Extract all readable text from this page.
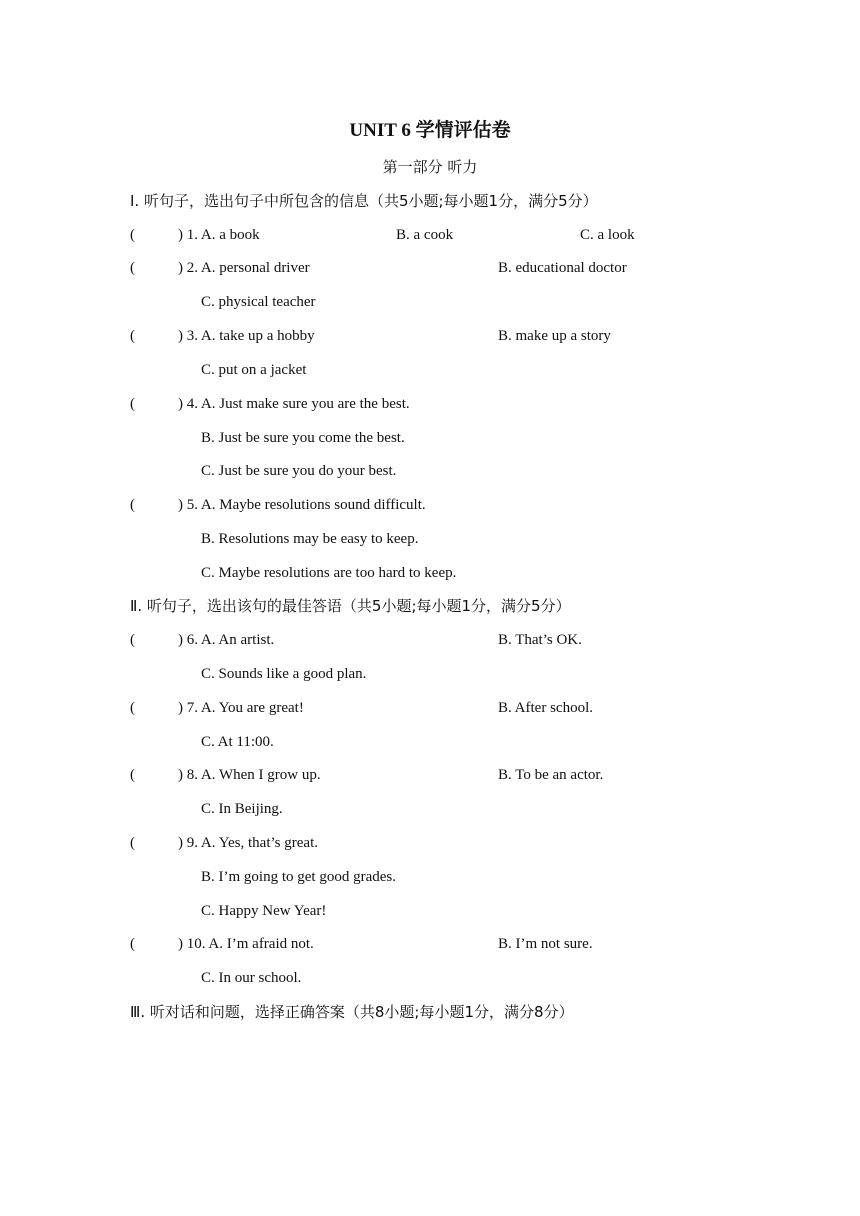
UNIT 6 学情评估卷
第一部分 听力
Ⅰ. 听句子，选出句子中所包含的信息（共5小题;每小题1分，满分5分）
(	) 1. A. a book	B. a cook	C. a look
(	) 2. A. personal driver	B. educational doctor
C. physical teacher
(	) 3. A. take up a hobby	B. make up a story
C. put on a jacket
(	) 4. A. Just make sure you are the best.
B. Just be sure you come the best.
C. Just be sure you do your best.
(	) 5. A. Maybe resolutions sound difficult.
B. Resolutions may be easy to keep.
C. Maybe resolutions are too hard to keep.
Ⅱ. 听句子，选出该句的最佳答语（共5小题;每小题1分，满分5分）
(	) 6. A. An artist.	B. That’s OK.
C. Sounds like a good plan.
(	) 7. A. You are great!	B. After school.
C. At 11:00.
(	) 8. A. When I grow up.	B. To be an actor.
C. In Beijing.
(	) 9. A. Yes, that’s great.
B. I’m going to get good grades.
C. Happy New Year!
(	) 10. A. I’m afraid not.	B. I’m not sure.
C. In our school.
Ⅲ. 听对话和问题，选择正确答案（共8小题;每小题1分，满分8分）
